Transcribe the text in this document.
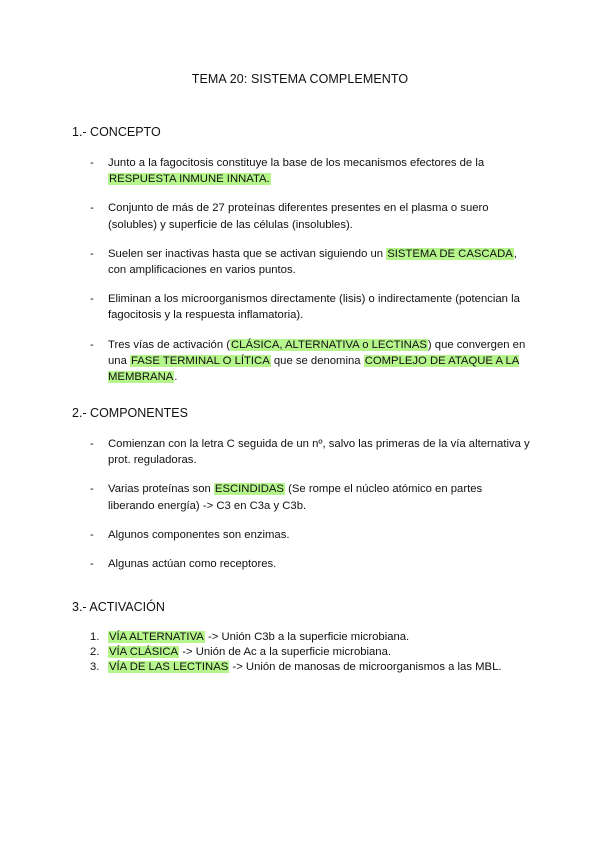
TEMA 20: SISTEMA COMPLEMENTO
1.- CONCEPTO
- Junto a la fagocitosis constituye la base de los mecanismos efectores de la RESPUESTA INMUNE INNATA.
- Conjunto de más de 27 proteínas diferentes presentes en el plasma o suero (solubles) y superficie de las células (insolubles).
- Suelen ser inactivas hasta que se activan siguiendo un SISTEMA DE CASCADA, con amplificaciones en varios puntos.
- Eliminan a los microorganismos directamente (lisis) o indirectamente (potencian la fagocitosis y la respuesta inflamatoria).
- Tres vías de activación (CLÁSICA, ALTERNATIVA o LECTINAS) que convergen en una FASE TERMINAL O LÍTICA que se denomina COMPLEJO DE ATAQUE A LA MEMBRANA.
2.- COMPONENTES
- Comienzan con la letra C seguida de un nº, salvo las primeras de la vía alternativa y prot. reguladoras.
- Varias proteínas son ESCINDIDAS (Se rompe el núcleo atómico en partes liberando energía) -> C3 en C3a y C3b.
- Algunos componentes son enzimas.
- Algunas actúan como receptores.
3.- ACTIVACIÓN
1. VÍA ALTERNATIVA -> Unión C3b a la superficie microbiana.
2. VÍA CLÁSICA -> Unión de Ac a la superficie microbiana.
3. VÍA DE LAS LECTINAS -> Unión de manosas de microorganismos a las MBL.
